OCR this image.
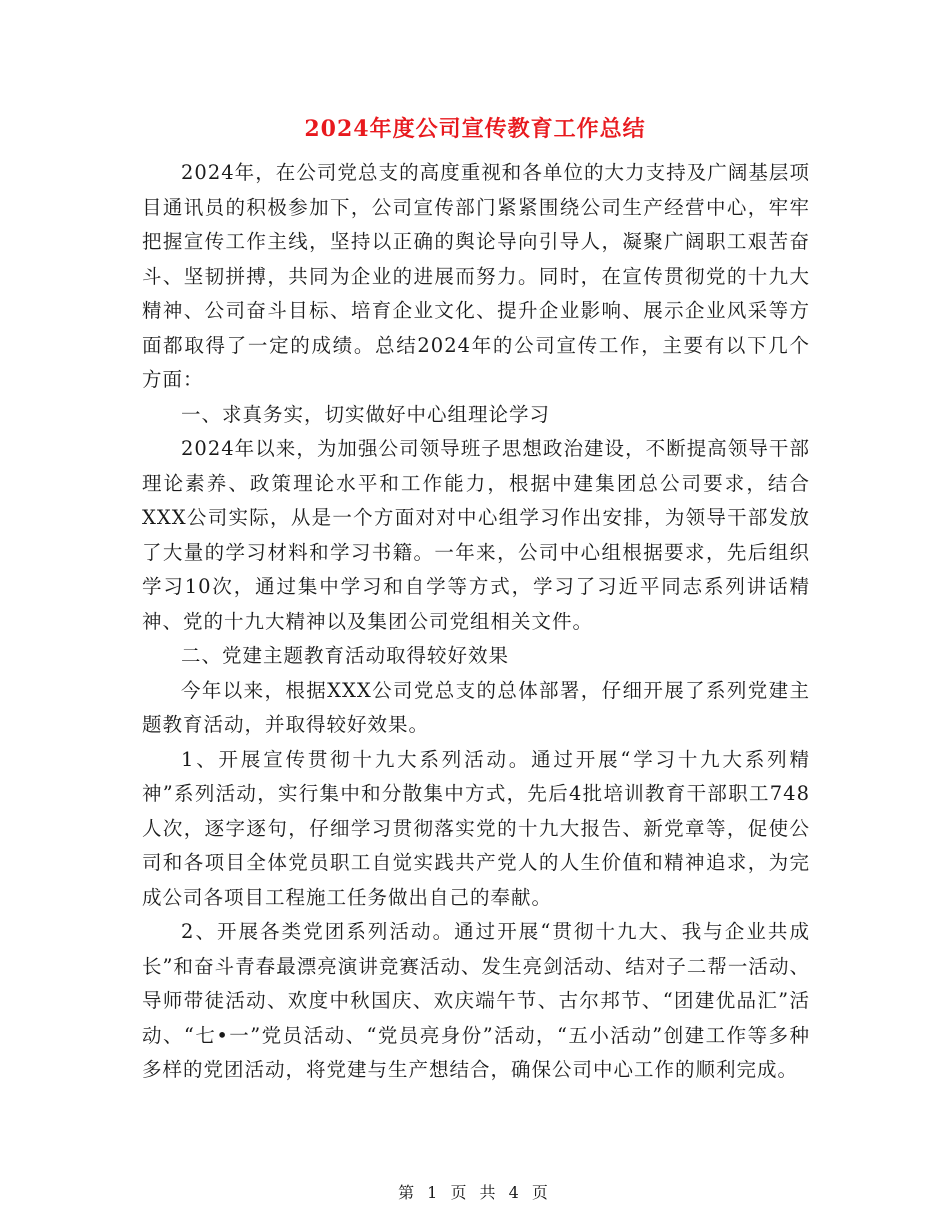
2024年度公司宣传教育工作总结

2024年，在公司党总支的高度重视和各单位的大力支持及广阔基层项目通讯员的积极参加下，公司宣传部门紧紧围绕公司生产经营中心，牢牢把握宣传工作主线，坚持以正确的舆论导向引导人，凝聚广阔职工艰苦奋斗、坚韧拼搏，共同为企业的进展而努力。同时，在宣传贯彻党的十九大精神、公司奋斗目标、培育企业文化、提升企业影响、展示企业风采等方面都取得了一定的成绩。总结2024年的公司宣传工作，主要有以下几个方面：

一、求真务实，切实做好中心组理论学习

2024年以来，为加强公司领导班子思想政治建设，不断提高领导干部理论素养、政策理论水平和工作能力，根据中建集团总公司要求，结合XXX公司实际，从是一个方面对对中心组学习作出安排，为领导干部发放了大量的学习材料和学习书籍。一年来，公司中心组根据要求，先后组织学习10次，通过集中学习和自学等方式，学习了习近平同志系列讲话精神、党的十九大精神以及集团公司党组相关文件。

二、党建主题教育活动取得较好效果

今年以来，根据XXX公司党总支的总体部署，仔细开展了系列党建主题教育活动，并取得较好效果。

1、开展宣传贯彻十九大系列活动。通过开展“学习十九大系列精神”系列活动，实行集中和分散集中方式，先后4批培训教育干部职工748人次，逐字逐句，仔细学习贯彻落实党的十九大报告、新党章等，促使公司和各项目全体党员职工自觉实践共产党人的人生价值和精神追求，为完成公司各项目工程施工任务做出自己的奉献。

2、开展各类党团系列活动。通过开展“贯彻十九大、我与企业共成长”和奋斗青春最漂亮演讲竞赛活动、发生亮剑活动、结对子二帮一活动、导师带徒活动、欢度中秋国庆、欢庆端午节、古尔邦节、“团建优品汇”活动、“七•一”党员活动、“党员亮身份”活动，“五小活动”创建工作等多种多样的党团活动，将党建与生产想结合，确保公司中心工作的顺利完成。

第 1 页 共 4 页
